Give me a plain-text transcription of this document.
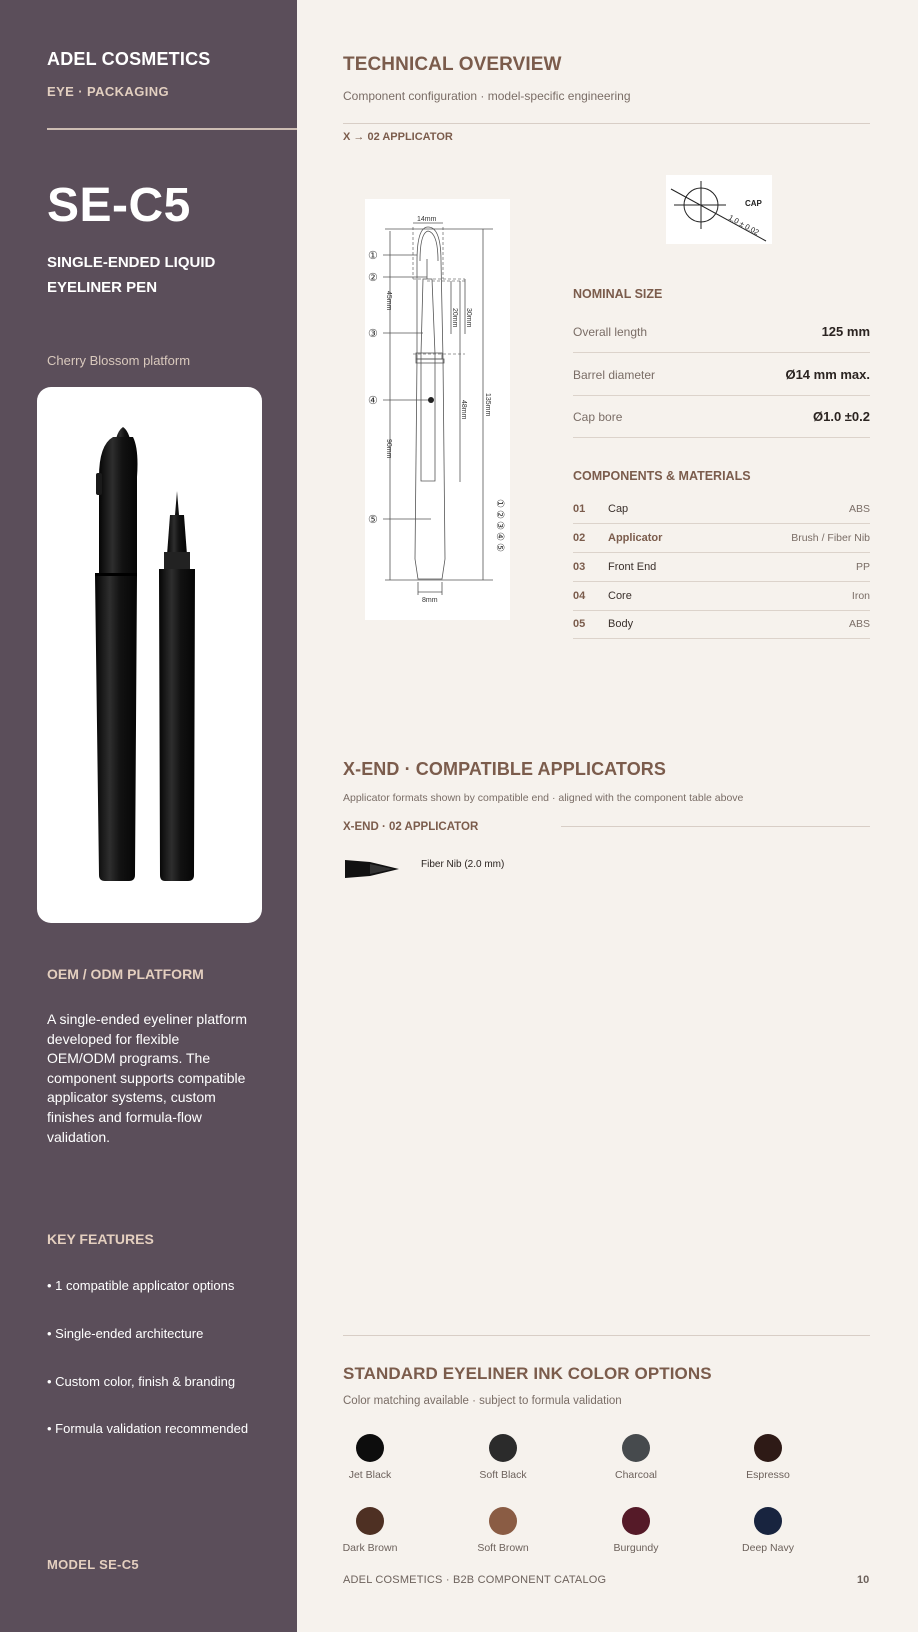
ADEL COSMETICS
EYE · PACKAGING
SE-C5
SINGLE-ENDED LIQUID EYELINER PEN
Cherry Blossom platform
OEM / ODM PLATFORM
A single-ended eyeliner platform developed for flexible OEM/ODM programs. The component supports compatible applicator systems, custom finishes and formula-flow validation.
KEY FEATURES
• 1 compatible applicator options
• Single-ended architecture
• Custom color, finish & branding
• Formula validation recommended
MODEL SE-C5
TECHNICAL OVERVIEW
Component configuration · model-specific engineering
X → 02 APPLICATOR
14mm
8mm
45mm
90mm
20mm 30mm
48mm 135mm
①
②
③
④
⑤
①
②
③
④
⑤
CAP
1.0 ± 0.02
NOMINAL SIZE
Overall length	125 mm
Barrel diameter	Ø14 mm max.
Cap bore	Ø1.0 ±0.2
COMPONENTS & MATERIALS
01 Cap	ABS
02 Applicator	Brush / Fiber Nib
03 Front End	PP
04 Core	Iron
05 Body	ABS
X-END · COMPATIBLE APPLICATORS
Applicator formats shown by compatible end · aligned with the component table above
X-END · 02 APPLICATOR
Fiber Nib (2.0 mm)
STANDARD EYELINER INK COLOR OPTIONS
Color matching available · subject to formula validation
Jet Black	Soft Black	Charcoal	Espresso
Dark Brown	Soft Brown	Burgundy	Deep Navy
ADEL COSMETICS · B2B COMPONENT CATALOG	10
